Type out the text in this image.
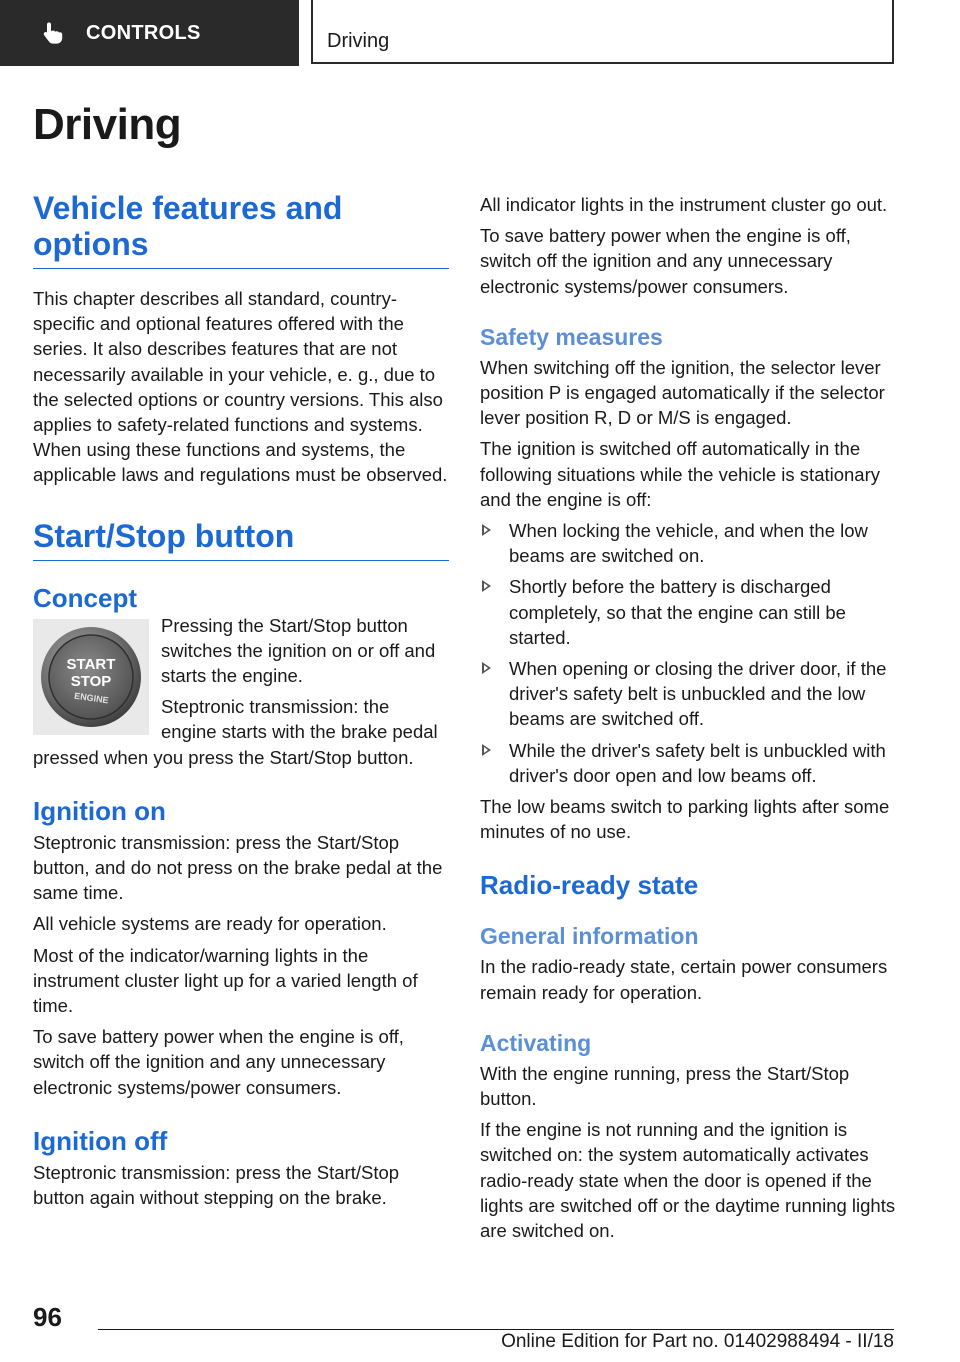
CONTROLS	Driving
Driving
Vehicle features and
options

This chapter describes all standard, country-specific and optional features offered with the series. It also describes features that are not necessarily available in your vehicle, e. g., due to the selected options or country versions. This also applies to safety-related functions and systems. When using these functions and systems, the applicable laws and regulations must be observed.

Start/Stop button
Concept
START
STOP
ENGINE

Pressing the Start/Stop button switches the ignition on or off and starts the engine.

Steptronic transmission: the engine starts with the brake pedal pressed when you press the Start/Stop button.

Ignition on

Steptronic transmission: press the Start/Stop button, and do not press on the brake pedal at the same time.

All vehicle systems are ready for operation.

Most of the indicator/warning lights in the instrument cluster light up for a varied length of time.

To save battery power when the engine is off, switch off the ignition and any unnecessary electronic systems/power consumers.

Ignition off

Steptronic transmission: press the Start/Stop button again without stepping on the brake.

All indicator lights in the instrument cluster go out.

To save battery power when the engine is off, switch off the ignition and any unnecessary electronic systems/power consumers.

Safety measures

When switching off the ignition, the selector lever position P is engaged automatically if the selector lever position R, D or M/S is engaged.

The ignition is switched off automatically in the following situations while the vehicle is stationary and the engine is off:

When locking the vehicle, and when the low beams are switched on.
Shortly before the battery is discharged completely, so that the engine can still be started.
When opening or closing the driver door, if the driver's safety belt is unbuckled and the low beams are switched off.
While the driver's safety belt is unbuckled with driver's door open and low beams off.

The low beams switch to parking lights after some minutes of no use.

Radio-ready state
General information

In the radio-ready state, certain power consumers remain ready for operation.

Activating

With the engine running, press the Start/Stop button.

If the engine is not running and the ignition is switched on: the system automatically activates radio-ready state when the door is opened if the lights are switched off or the daytime running lights are switched on.

96
Online Edition for Part no. 01402988494 - II/18
